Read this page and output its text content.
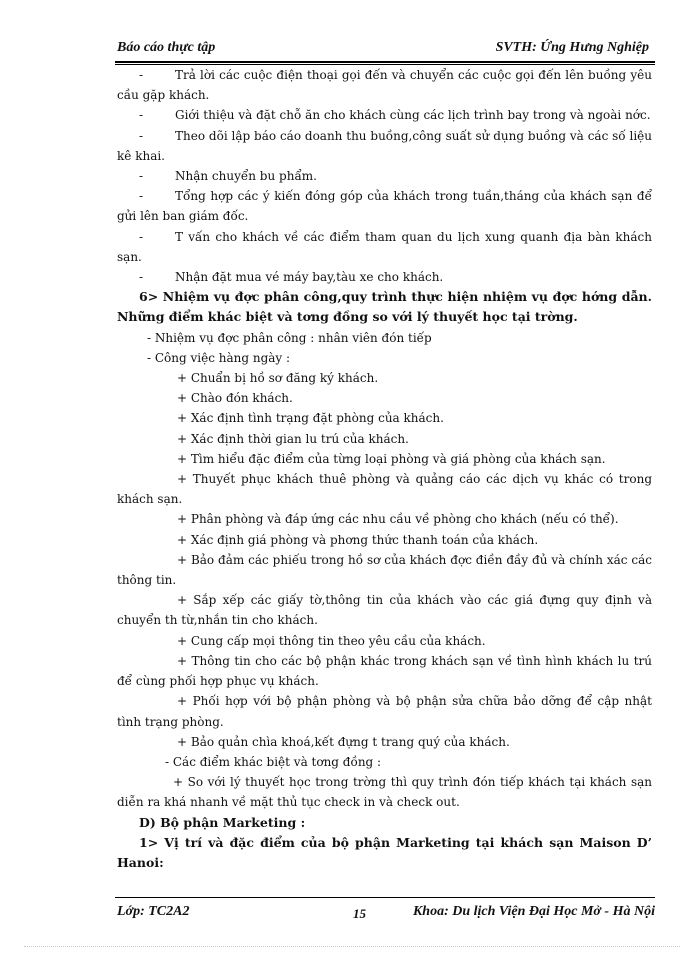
Báo cáo thực tập	SVTH: Ứng Hưng Nghiệp

-	Trả lời các cuộc điện thoại gọi đến và chuyển các cuộc gọi đến lên buồng yêu cầu gặp khách.

-	Giới thiệu và đặt chỗ ăn cho khách cùng các lịch trình bay trong và ngoài nớc.

-	Theo dõi lập báo cáo doanh thu buồng,công suất sử dụng buồng và các số liệu kê khai.

-	Nhận chuyển bu phẩm.

-	Tổng hợp các ý kiến đóng góp của khách trong tuần,tháng của khách sạn để gửi lên ban giám đốc.

-	T vấn cho khách về các điểm tham quan du lịch xung quanh địa bàn khách sạn.

-	Nhận đặt mua vé máy bay,tàu xe cho khách.

6> Nhiệm vụ đợc phân công,quy trình thực hiện nhiệm vụ đợc hớng dẫn. Những điểm khác biệt và tơng đồng so với lý thuyết học tại trờng.

- Nhiệm vụ đợc phân công : nhân viên đón tiếp

- Công việc hàng ngày :

+ Chuẩn bị hồ sơ đăng ký khách.

+ Chào đón khách.

+ Xác định tình trạng đặt phòng của khách.

+ Xác định thời gian lu trú của khách.

+ Tìm hiểu đặc điểm của từng loại phòng và giá phòng của khách sạn.

+ Thuyết phục khách thuê phòng và quảng cáo các dịch vụ khác có trong khách sạn.

+ Phân phòng và đáp ứng các nhu cầu về phòng cho khách (nếu có thể).

+ Xác định giá phòng và phơng thức thanh toán của khách.

+ Bảo đảm các phiếu trong hồ sơ của khách đợc điền đầy đủ và chính xác các thông tin.

+ Sắp xếp các giấy tờ,thông tin của khách vào các giá đựng quy định và chuyển th từ,nhắn tin cho khách.

+ Cung cấp mọi thông tin theo yêu cầu của khách.

+ Thông tin cho các bộ phận khác trong khách sạn về tình hình khách lu trú để cùng phối hợp phục vụ khách.

+ Phối hợp với bộ phận phòng và bộ phận sửa chữa bảo dỡng để cập nhật tình trạng phòng.

+ Bảo quản chìa khoá,kết đựng t trang quý của khách.

- Các điểm khác biệt và tơng đồng :

+ So với lý thuyết học trong trờng thì quy trình đón tiếp khách tại khách sạn diễn ra khá nhanh về mặt thủ tục check in và check out.

D) Bộ phận Marketing :

1> Vị trí và đặc điểm của bộ phận Marketing tại khách sạn Maison D’ Hanoi:

Lớp: TC2A2	15	Khoa: Du lịch Viện Đại Học Mở - Hà Nội
